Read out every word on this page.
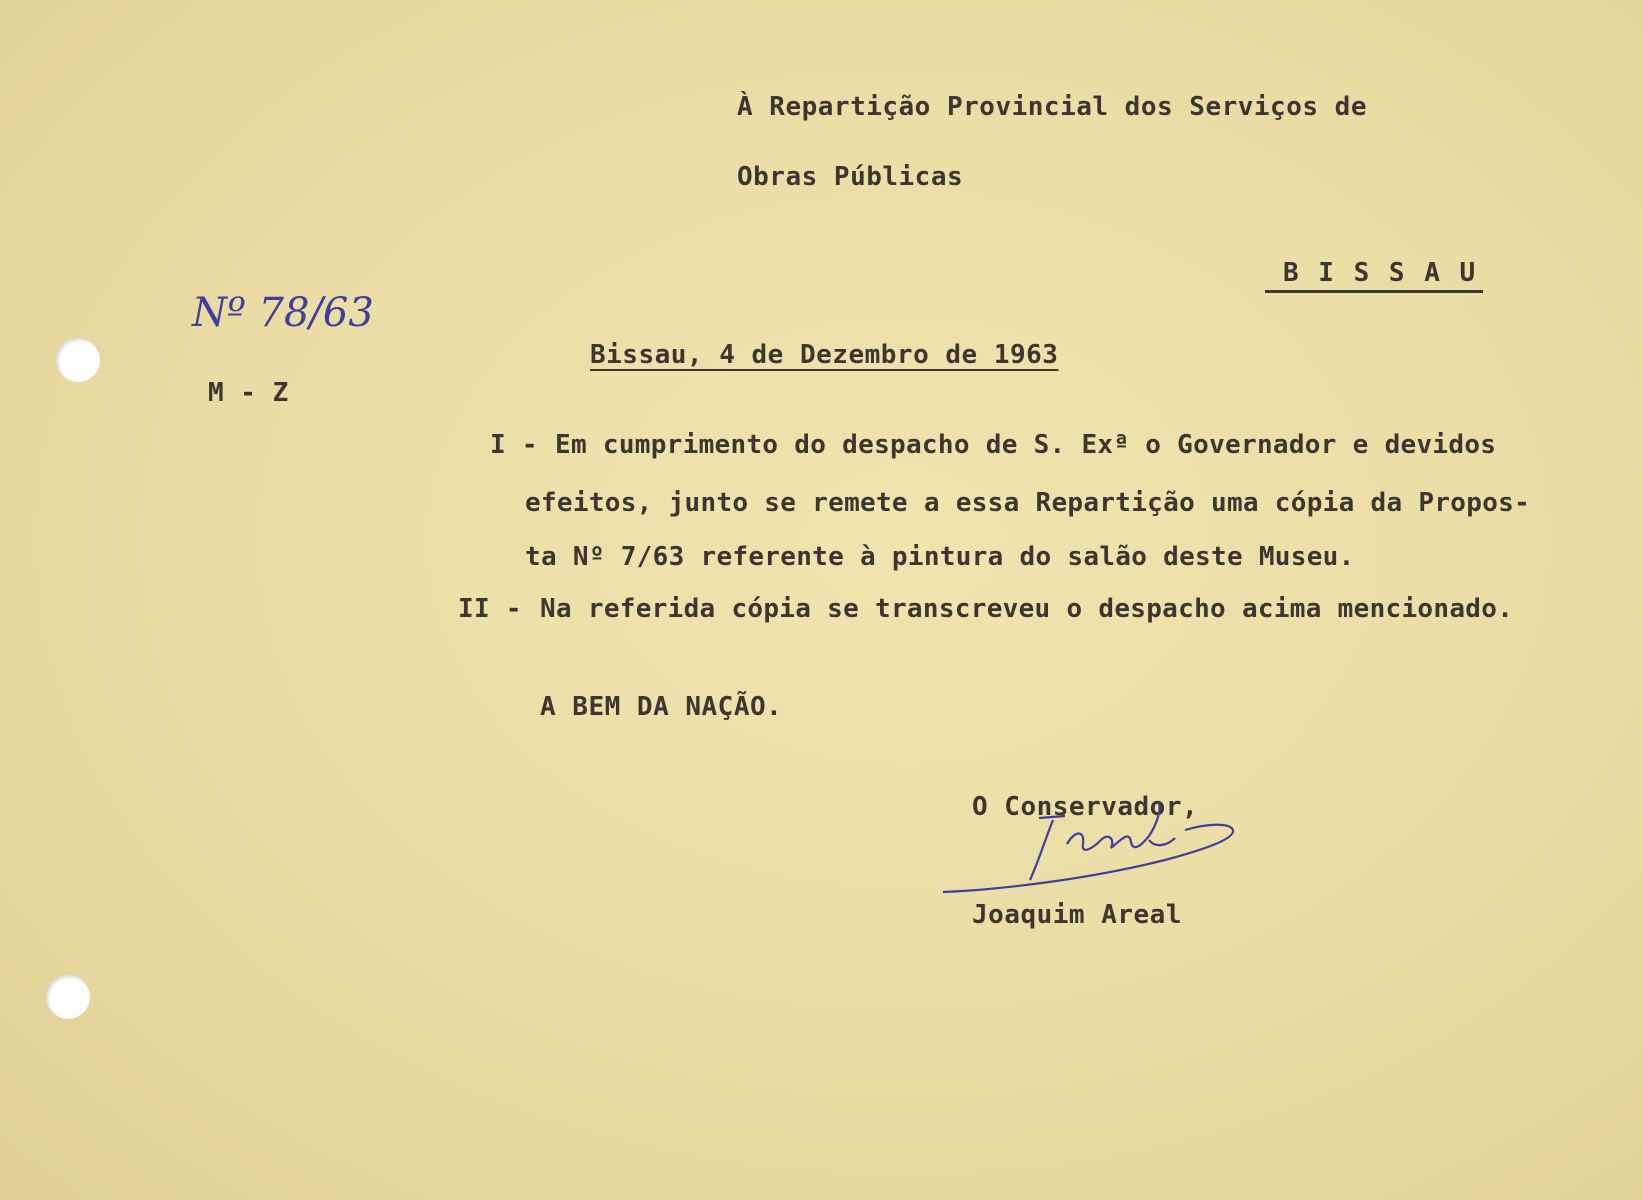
À Repartição Provincial dos Serviços de
Obras Públicas
B I S S A U
Nº 78/63
M - Z
Bissau, 4 de Dezembro de 1963
I - Em cumprimento do despacho de S. Exª o Governador e devidos
efeitos, junto se remete a essa Repartição uma cópia da Propos-
ta Nº 7/63 referente à pintura do salão deste Museu.
II - Na referida cópia se transcreveu o despacho acima mencionado.
A BEM DA NAÇÃO.
O Conservador,
Joaquim Areal
